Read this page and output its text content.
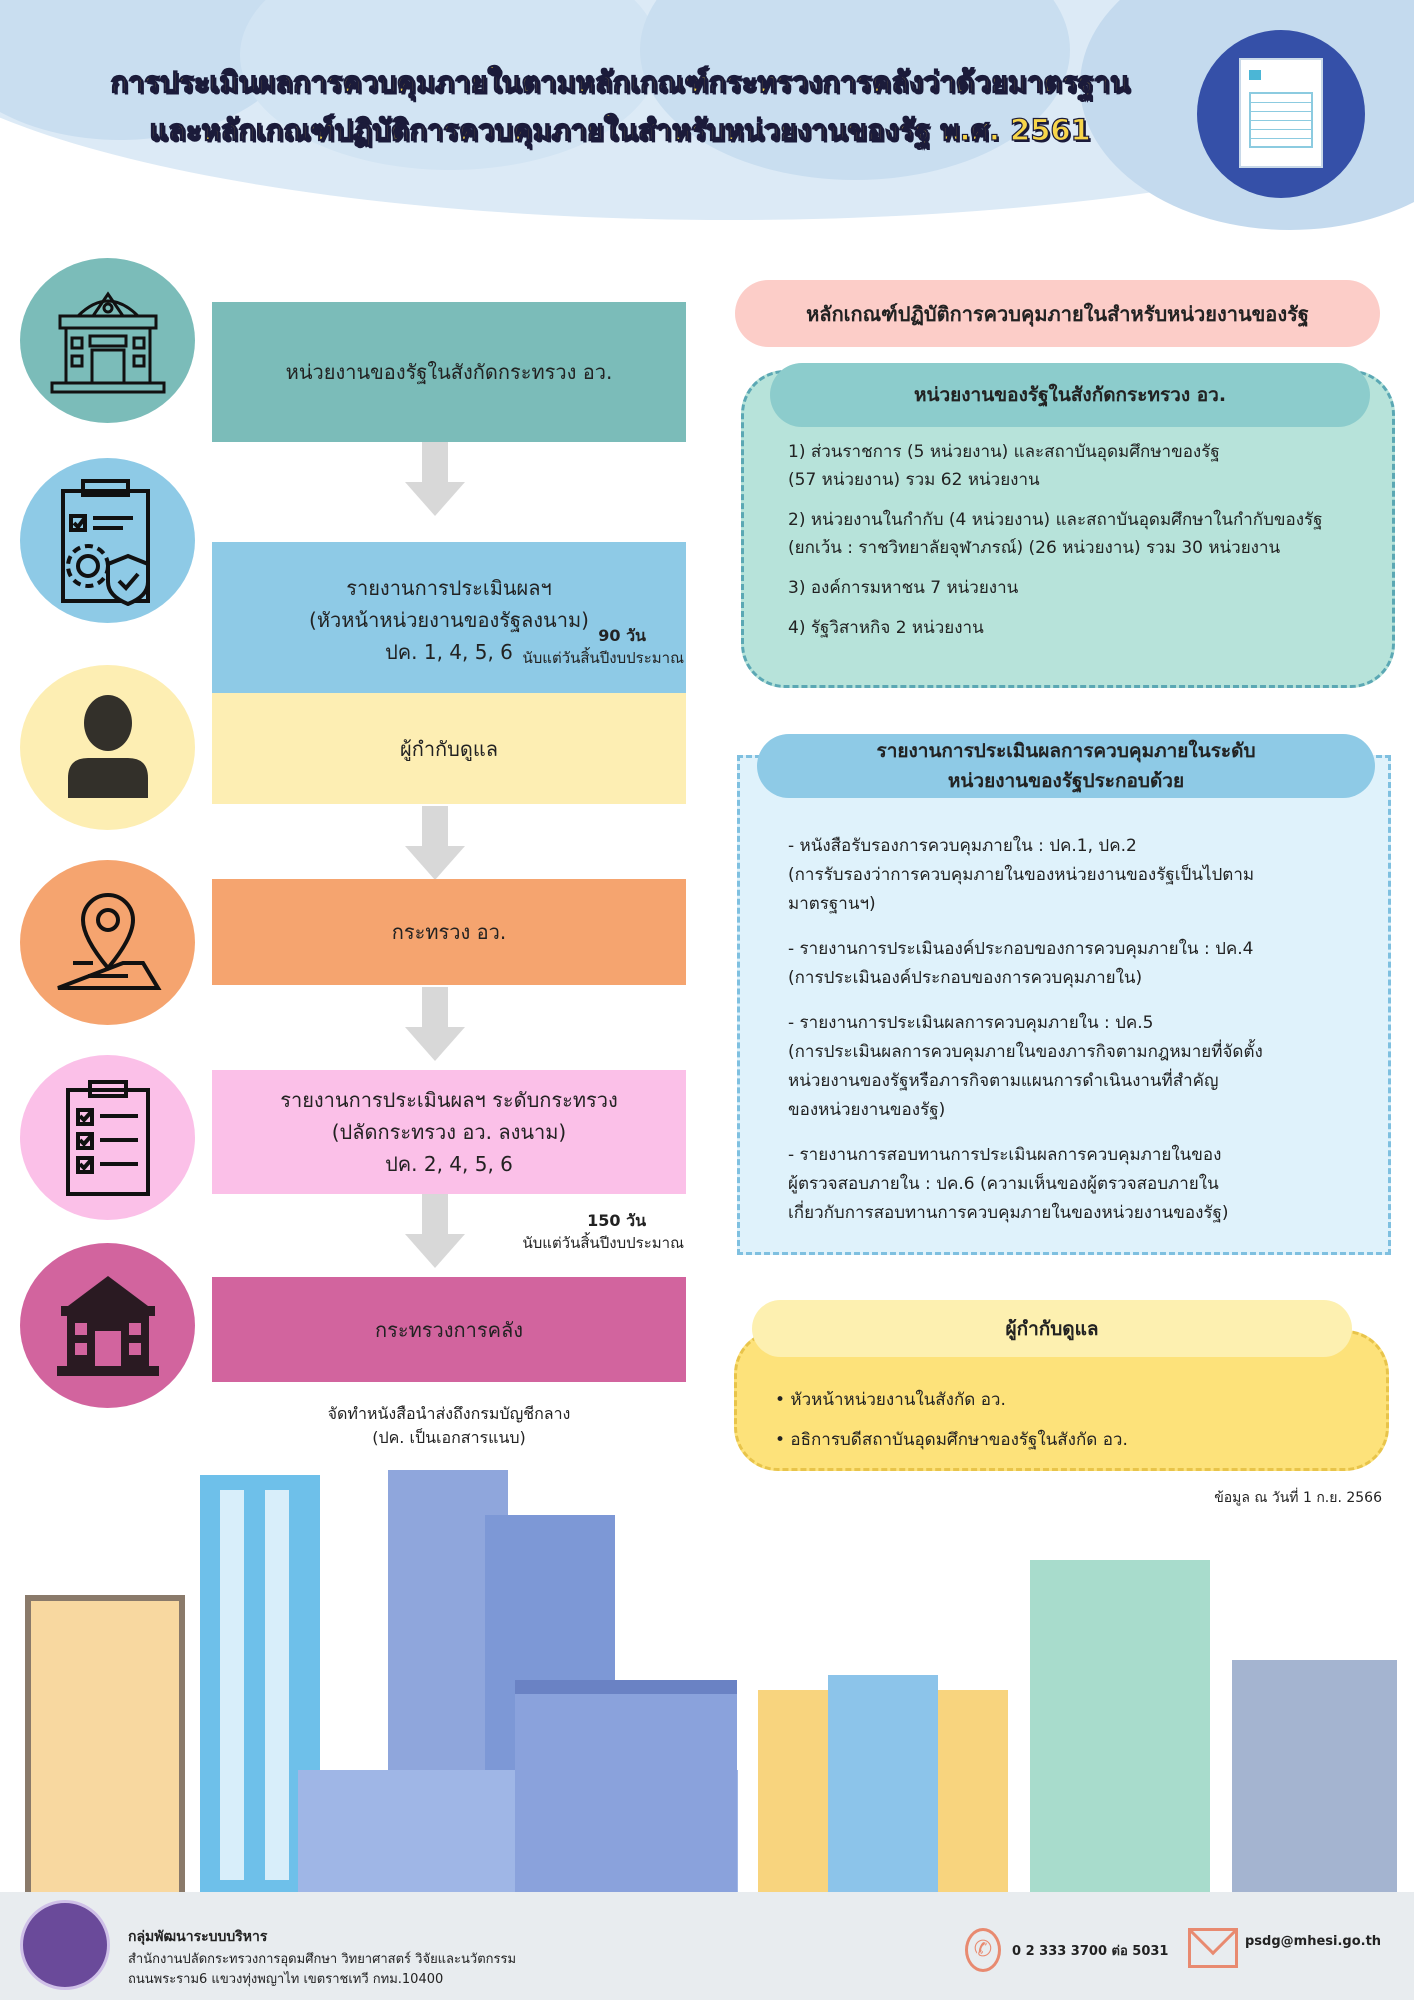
การประเมินผลการควบคุมภายในตามหลักเกณฑ์กระทรวงการคลังว่าด้วยมาตรฐาน
และหลักเกณฑ์ปฏิบัติการควบคุมภายในสำหรับหน่วยงานของรัฐ พ.ศ. 2561
หน่วยงานของรัฐในสังกัดกระทรวง อว.
รายงานการประเมินผลฯ
(หัวหน้าหน่วยงานของรัฐลงนาม)
ปค. 1, 4, 5, 6
90 วัน
นับแต่วันสิ้นปีงบประมาณ
ผู้กำกับดูแล
กระทรวง อว.
รายงานการประเมินผลฯ ระดับกระทรวง
(ปลัดกระทรวง อว. ลงนาม)
ปค. 2, 4, 5, 6
150 วัน
นับแต่วันสิ้นปีงบประมาณ
กระทรวงการคลัง
จัดทำหนังสือนำส่งถึงกรมบัญชีกลาง
(ปค. เป็นเอกสารแนบ)
หลักเกณฑ์ปฏิบัติการควบคุมภายในสำหรับหน่วยงานของรัฐ
หน่วยงานของรัฐในสังกัดกระทรวง อว.

1) ส่วนราชการ (5 หน่วยงาน) และสถาบันอุดมศึกษาของรัฐ
(57 หน่วยงาน) รวม 62 หน่วยงาน

2) หน่วยงานในกำกับ (4 หน่วยงาน) และสถาบันอุดมศึกษาในกำกับของรัฐ
(ยกเว้น : ราชวิทยาลัยจุฬาภรณ์) (26 หน่วยงาน) รวม 30 หน่วยงาน

3) องค์การมหาชน 7 หน่วยงาน

4) รัฐวิสาหกิจ 2 หน่วยงาน

รายงานการประเมินผลการควบคุมภายในระดับ
หน่วยงานของรัฐประกอบด้วย

- หนังสือรับรองการควบคุมภายใน : ปค.1, ปค.2
(การรับรองว่าการควบคุมภายในของหน่วยงานของรัฐเป็นไปตาม
มาตรฐานฯ)

- รายงานการประเมินองค์ประกอบของการควบคุมภายใน : ปค.4
(การประเมินองค์ประกอบของการควบคุมภายใน)

- รายงานการประเมินผลการควบคุมภายใน : ปค.5
(การประเมินผลการควบคุมภายในของภารกิจตามกฎหมายที่จัดตั้ง
หน่วยงานของรัฐหรือภารกิจตามแผนการดำเนินงานที่สำคัญ
ของหน่วยงานของรัฐ)

- รายงานการสอบทานการประเมินผลการควบคุมภายในของ
ผู้ตรวจสอบภายใน : ปค.6 (ความเห็นของผู้ตรวจสอบภายใน
เกี่ยวกับการสอบทานการควบคุมภายในของหน่วยงานของรัฐ)

ผู้กำกับดูแล
• หัวหน้าหน่วยงานในสังกัด อว.
• อธิการบดีสถาบันอุดมศึกษาของรัฐในสังกัด อว.
ข้อมูล ณ วันที่ 1 ก.ย. 2566
กลุ่มพัฒนาระบบบริหาร
สำนักงานปลัดกระทรวงการอุดมศึกษา วิทยาศาสตร์ วิจัยและนวัตกรรม
ถนนพระราม6 แขวงทุ่งพญาไท เขตราชเทวี กทม.10400
✆	0 2 333 3700 ต่อ 5031
psdg@mhesi.go.th
